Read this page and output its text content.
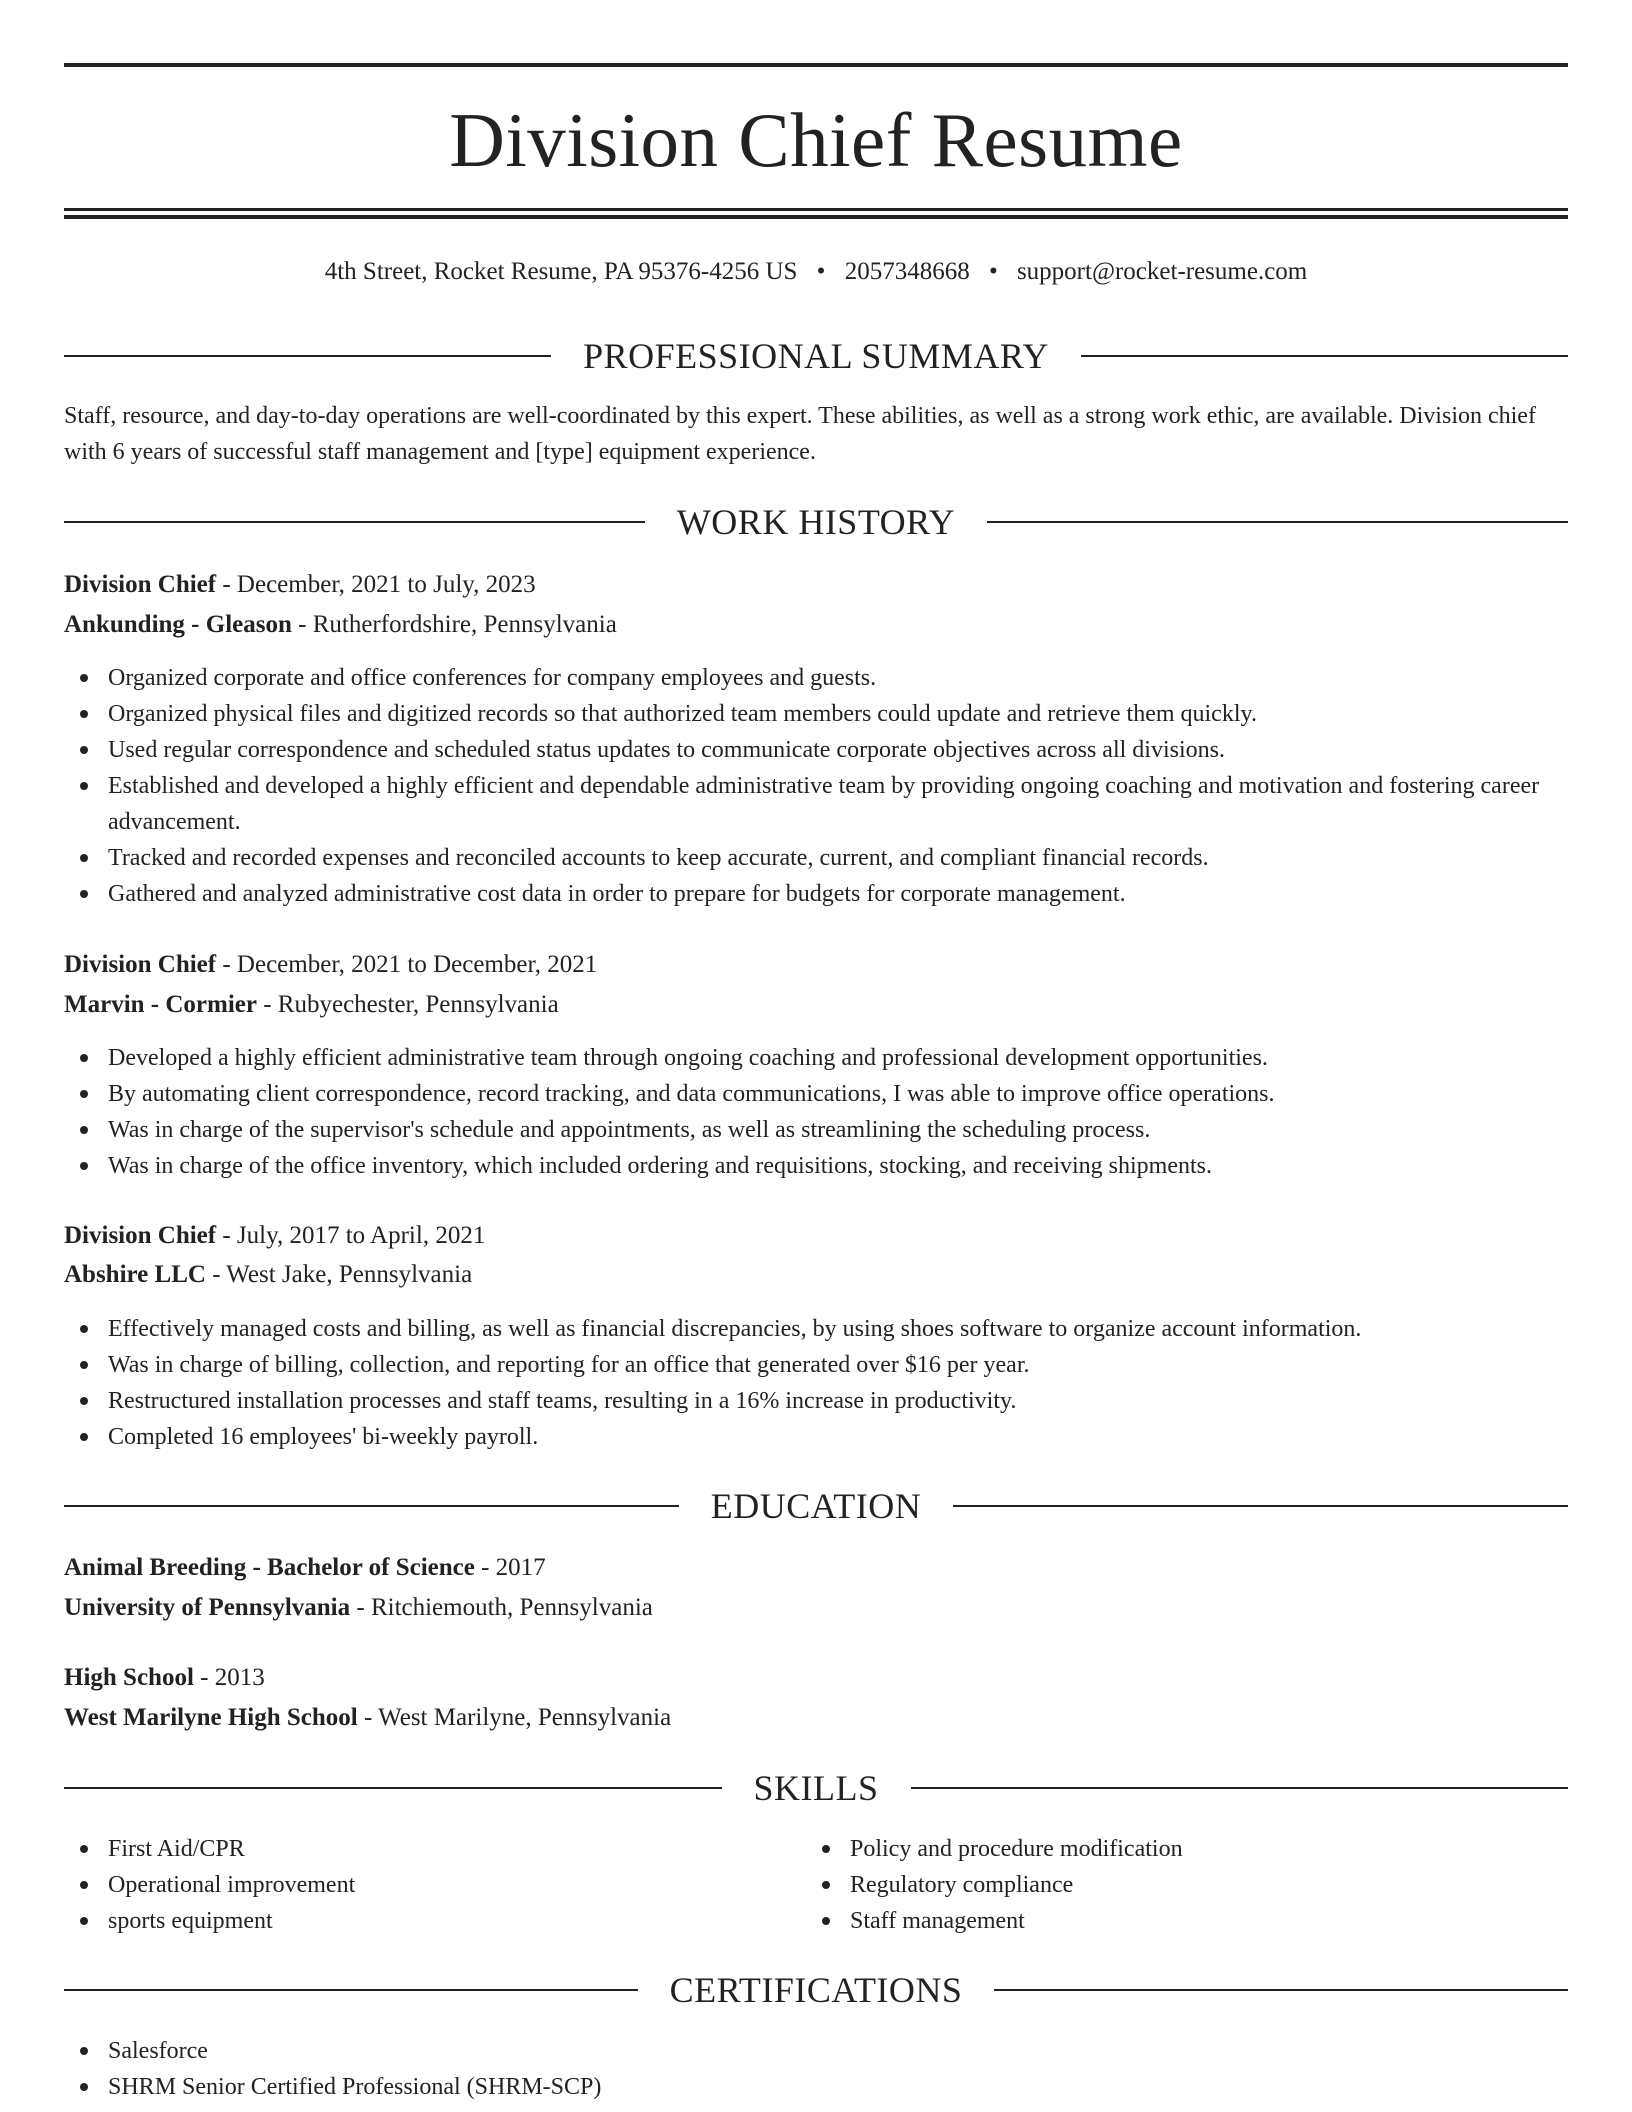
Division Chief Resume
4th Street, Rocket Resume, PA 95376-4256 US • 2057348668 • support@rocket-resume.com
PROFESSIONAL SUMMARY

Staff, resource, and day-to-day operations are well-coordinated by this expert. These abilities, as well as a strong work ethic, are available. Division chief with 6 years of successful staff management and [type] equipment experience.

WORK HISTORY
Division Chief - December, 2021 to July, 2023
Ankunding - Gleason - Rutherfordshire, Pennsylvania
Organized corporate and office conferences for company employees and guests.
Organized physical files and digitized records so that authorized team members could update and retrieve them quickly.
Used regular correspondence and scheduled status updates to communicate corporate objectives across all divisions.
Established and developed a highly efficient and dependable administrative team by providing ongoing coaching and motivation and fostering career advancement.
Tracked and recorded expenses and reconciled accounts to keep accurate, current, and compliant financial records.
Gathered and analyzed administrative cost data in order to prepare for budgets for corporate management.
Division Chief - December, 2021 to December, 2021
Marvin - Cormier - Rubyechester, Pennsylvania
Developed a highly efficient administrative team through ongoing coaching and professional development opportunities.
By automating client correspondence, record tracking, and data communications, I was able to improve office operations.
Was in charge of the supervisor's schedule and appointments, as well as streamlining the scheduling process.
Was in charge of the office inventory, which included ordering and requisitions, stocking, and receiving shipments.
Division Chief - July, 2017 to April, 2021
Abshire LLC - West Jake, Pennsylvania
Effectively managed costs and billing, as well as financial discrepancies, by using shoes software to organize account information.
Was in charge of billing, collection, and reporting for an office that generated over $16 per year.
Restructured installation processes and staff teams, resulting in a 16% increase in productivity.
Completed 16 employees' bi-weekly payroll.
EDUCATION
Animal Breeding - Bachelor of Science - 2017
University of Pennsylvania - Ritchiemouth, Pennsylvania
High School - 2013
West Marilyne High School - West Marilyne, Pennsylvania
SKILLS
First Aid/CPR
Operational improvement
sports equipment
Policy and procedure modification
Regulatory compliance
Staff management
CERTIFICATIONS
Salesforce
SHRM Senior Certified Professional (SHRM-SCP)
